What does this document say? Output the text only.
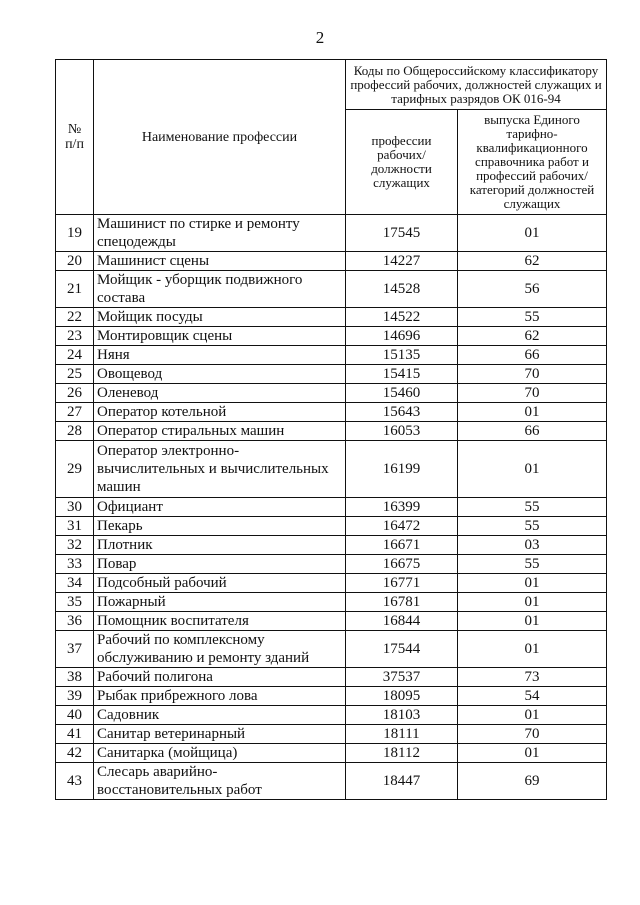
2
№
п/п	Наименование профессии	Коды по Общероссийскому классификатору профессий рабочих, должностей служащих и тарифных разрядов ОК 016-94	
		профессии рабочих/ должности служащих	выпуска Единого тарифно-квалификационного справочника работ и профессий рабочих/категорий должностей служащих
19	Машинист по стирке и ремонту спецодежды	17545	01
20	Машинист сцены	14227	62
21	Мойщик - уборщик подвижного состава	14528	56
22	Мойщик посуды	14522	55
23	Монтировщик сцены	14696	62
24	Няня	15135	66
25	Овощевод	15415	70
26	Оленевод	15460	70
27	Оператор котельной	15643	01
28	Оператор стиральных машин	16053	66
29	Оператор электронно-вычислительных и вычислительных машин	16199	01
30	Официант	16399	55
31	Пекарь	16472	55
32	Плотник	16671	03
33	Повар	16675	55
34	Подсобный рабочий	16771	01
35	Пожарный	16781	01
36	Помощник воспитателя	16844	01
37	Рабочий по комплексному обслуживанию и ремонту зданий	17544	01
38	Рабочий полигона	37537	73
39	Рыбак прибрежного лова	18095	54
40	Садовник	18103	01
41	Санитар ветеринарный	18111	70
42	Санитарка (мойщица)	18112	01
43	Слесарь аварийно-восстановительных работ	18447	69
